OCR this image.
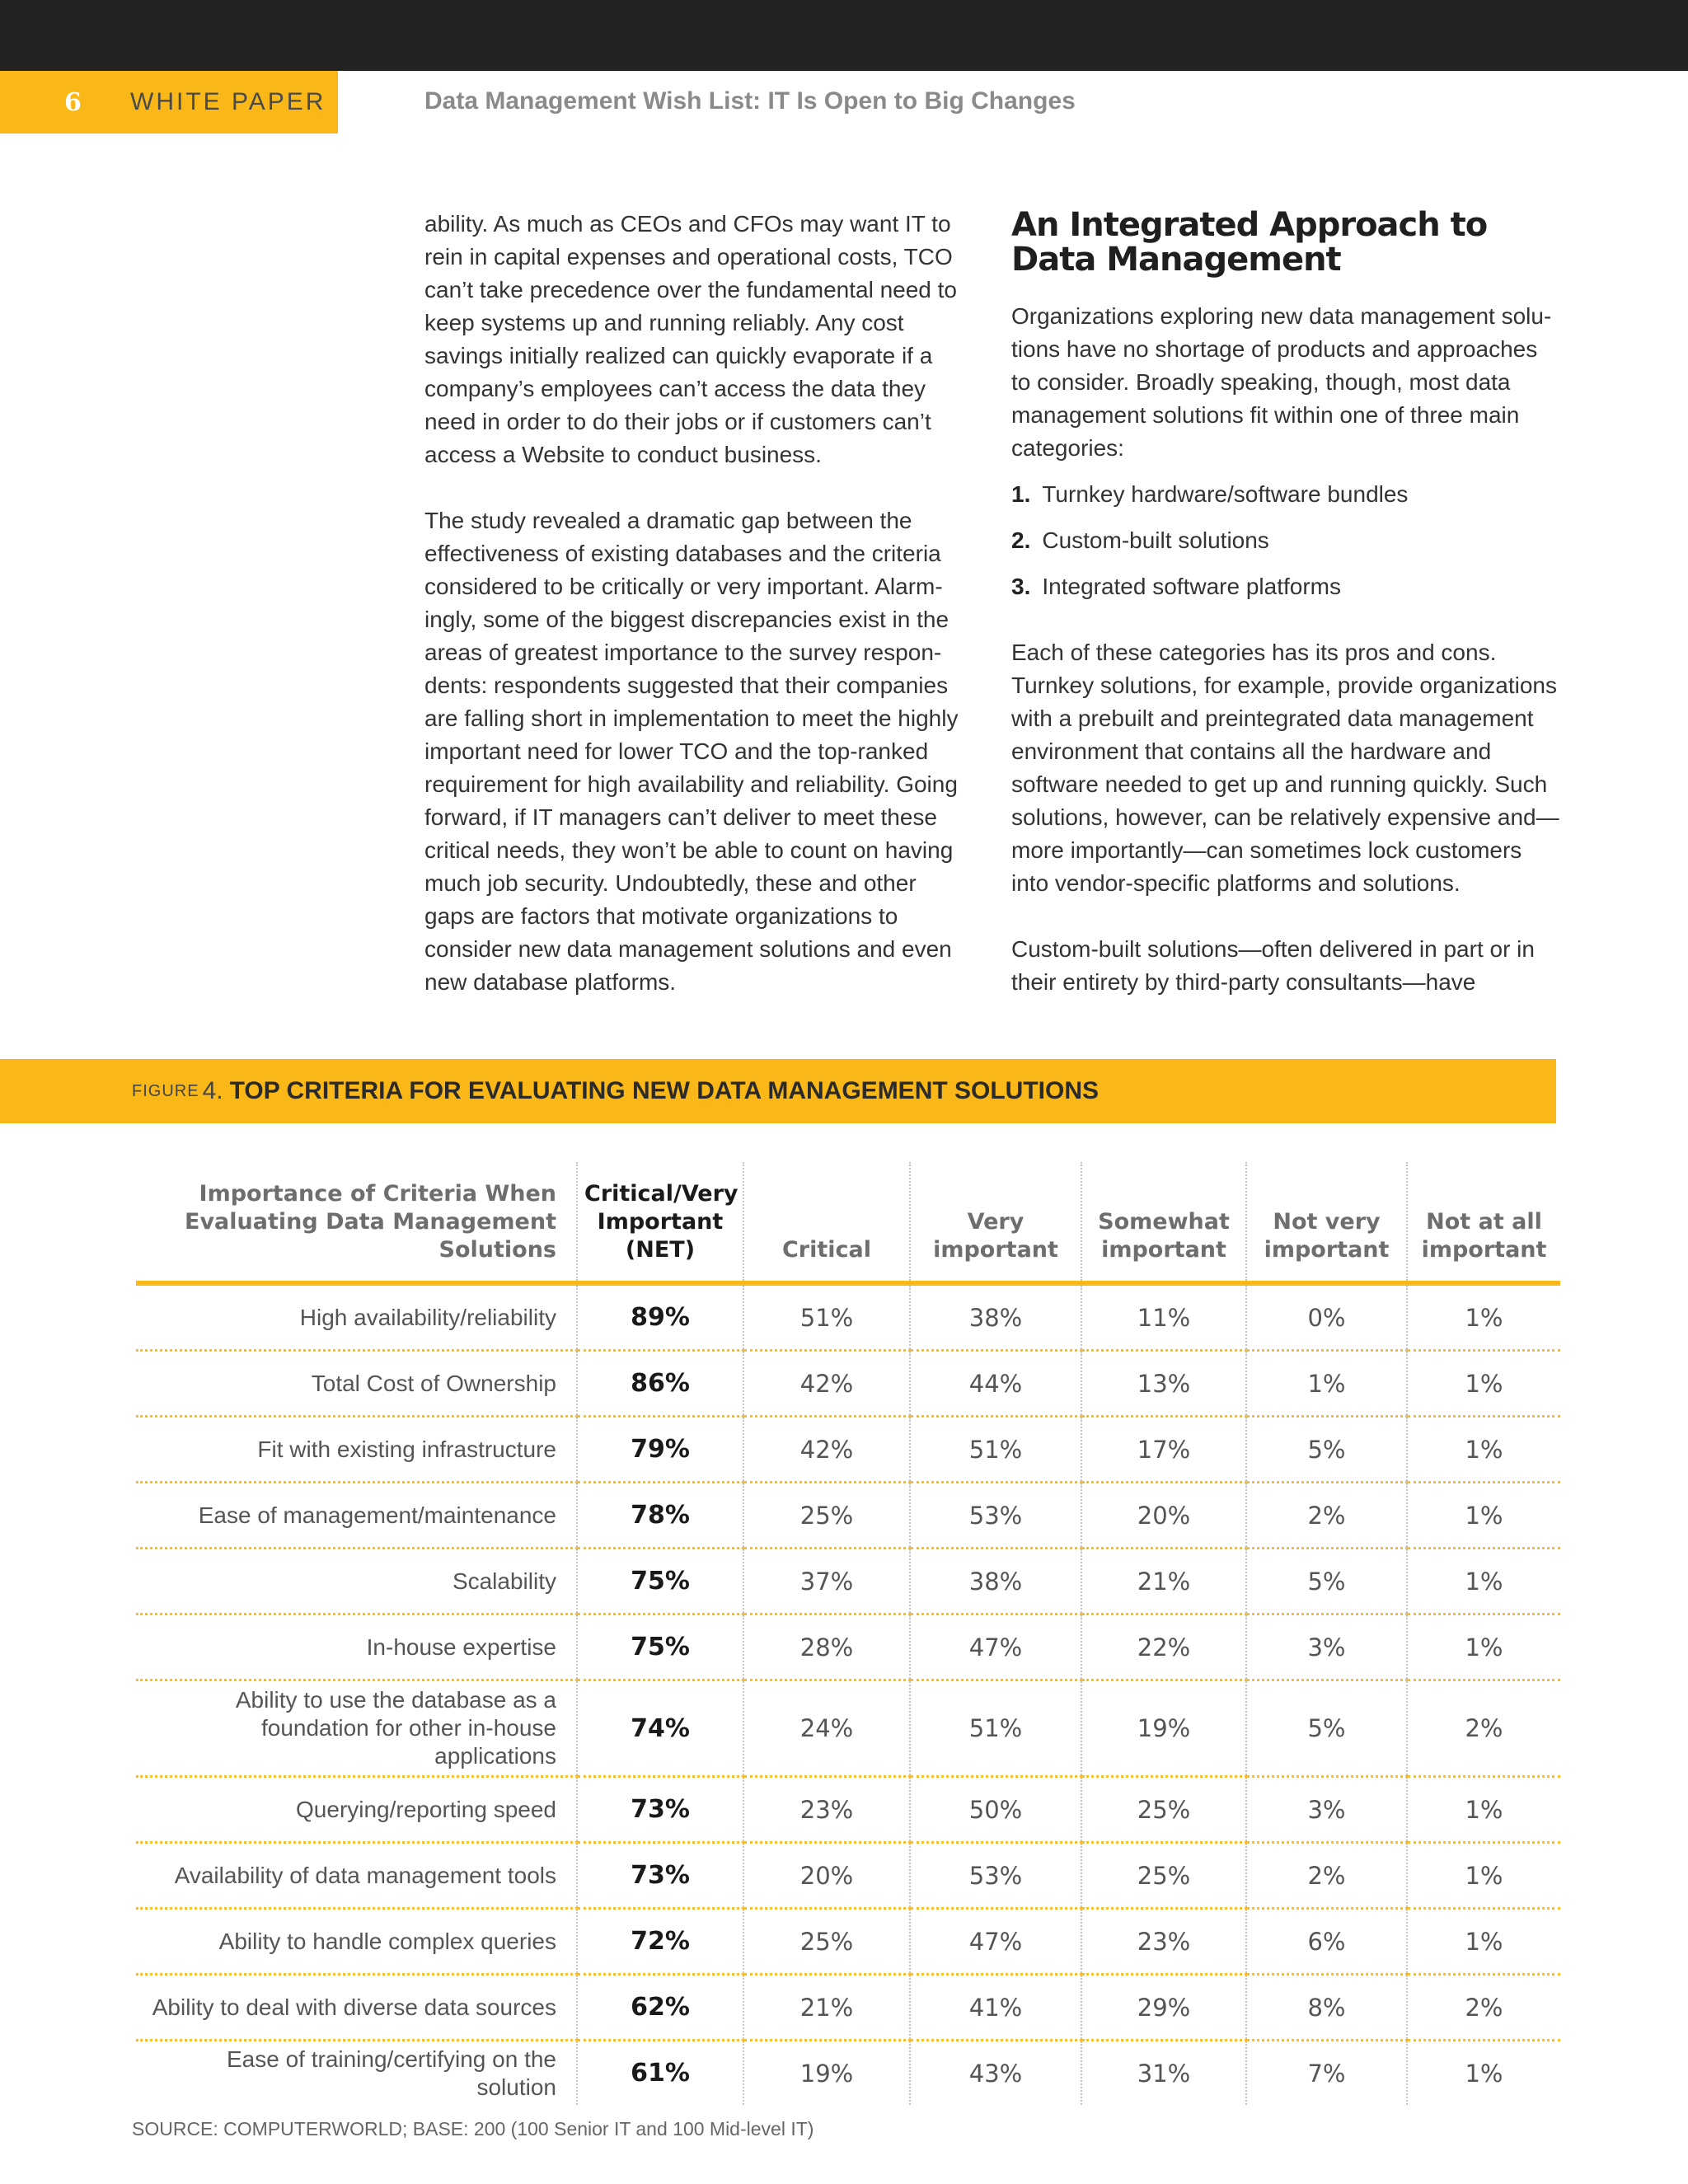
6	WHITE PAPER	Data Management Wish List: IT Is Open to Big Changes

ability. As much as CEOs and CFOs may want IT to rein in capital expenses and operational costs, TCO can’t take precedence over the fundamental need to keep systems up and running reliably. Any cost savings initially realized can quickly evaporate if a company’s employees can’t access the data they need in order to do their jobs or if customers can’t access a Website to conduct business.

The study revealed a dramatic gap between the effectiveness of existing databases and the criteria considered to be critically or very important. Alarm-ingly, some of the biggest discrepancies exist in the areas of greatest importance to the survey respon-dents: respondents suggested that their companies are falling short in implementation to meet the highly important need for lower TCO and the top-ranked requirement for high availability and reliability. Going forward, if IT managers can’t deliver to meet these critical needs, they won’t be able to count on having much job security. Undoubtedly, these and other gaps are factors that motivate organizations to consider new data management solutions and even new database platforms.

An Integrated Approach to Data Management

Organizations exploring new data management solu-tions have no shortage of products and approaches to consider. Broadly speaking, though, most data management solutions fit within one of three main categories:

1. Turnkey hardware/software bundles
2. Custom-built solutions
3. Integrated software platforms

Each of these categories has its pros and cons. Turnkey solutions, for example, provide organizations with a prebuilt and preintegrated data management environment that contains all the hardware and software needed to get up and running quickly. Such solutions, however, can be relatively expensive and—more importantly—can sometimes lock customers into vendor-specific platforms and solutions.

Custom-built solutions—often delivered in part or in their entirety by third-party consultants—have

FIGURE 4. TOP CRITERIA FOR EVALUATING NEW DATA MANAGEMENT SOLUTIONS
Importance of Criteria When Evaluating Data Management Solutions	Critical/Very Important (NET)	Critical	Very important	Somewhat important	Not very important	Not at all important
High availability/reliability	89%	51%	38%	11%	0%	1%
Total Cost of Ownership	86%	42%	44%	13%	1%	1%
Fit with existing infrastructure	79%	42%	51%	17%	5%	1%
Ease of management/maintenance	78%	25%	53%	20%	2%	1%
Scalability	75%	37%	38%	21%	5%	1%
In-house expertise	75%	28%	47%	22%	3%	1%
Ability to use the database as a foundation for other in-house applications	74%	24%	51%	19%	5%	2%
Querying/reporting speed	73%	23%	50%	25%	3%	1%
Availability of data management tools	73%	20%	53%	25%	2%	1%
Ability to handle complex queries	72%	25%	47%	23%	6%	1%
Ability to deal with diverse data sources	62%	21%	41%	29%	8%	2%
Ease of training/certifying on the solution	61%	19%	43%	31%	7%	1%
SOURCE: COMPUTERWORLD; BASE: 200 (100 Senior IT and 100 Mid-level IT)
